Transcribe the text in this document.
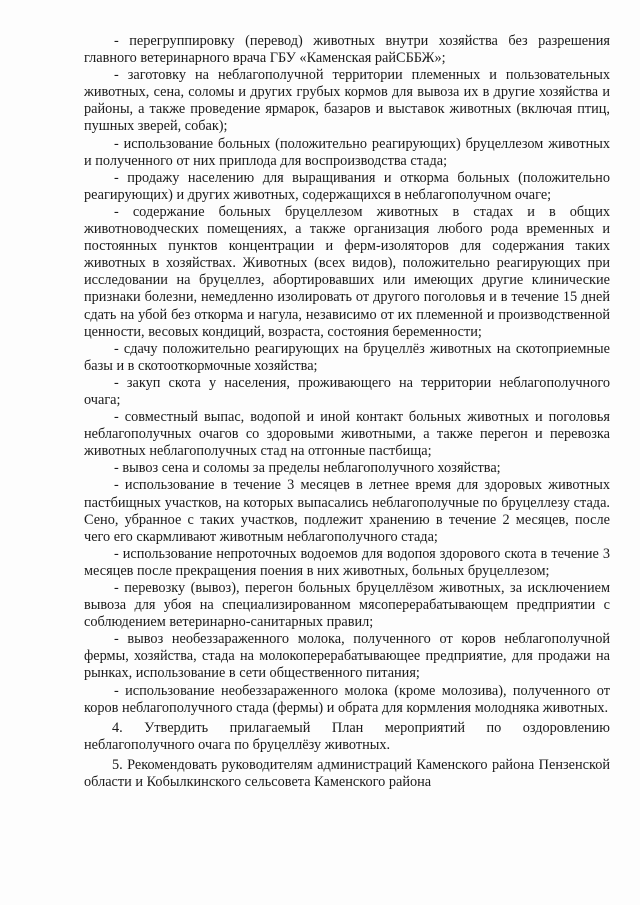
- перегруппировку (перевод) животных внутри хозяйства без разрешения главного ветеринарного врача ГБУ «Каменская райСББЖ»;

- заготовку на неблагополучной территории племенных и пользовательных животных, сена, соломы и других грубых кормов для вывоза их в другие хозяйства и районы, а также проведение ярмарок, базаров и выставок животных (включая птиц, пушных зверей, собак);

- использование больных (положительно реагирующих) бруцеллезом животных и полученного от них приплода для воспроизводства стада;

- продажу населению для выращивания и откорма больных (положительно реагирующих) и других животных, содержащихся в неблагополучном очаге;

- содержание больных бруцеллезом животных в стадах и в общих животноводческих помещениях, а также организация любого рода временных и постоянных пунктов концентрации и ферм-изоляторов для содержания таких животных в хозяйствах. Животных (всех видов), положительно реагирующих при исследовании на бруцеллез, абортировавших или имеющих другие клинические признаки болезни, немедленно изолировать от другого поголовья и в течение 15 дней сдать на убой без откорма и нагула, независимо от их племенной и производственной ценности, весовых кондиций, возраста, состояния беременности;

- сдачу положительно реагирующих на бруцеллёз животных на скотоприемные базы и в скотооткормочные хозяйства;

- закуп скота у населения, проживающего на территории неблагополучного очага;

- совместный выпас, водопой и иной контакт больных животных и поголовья неблагополучных очагов со здоровыми животными, а также перегон и перевозка животных неблагополучных стад на отгонные пастбища;

- вывоз сена и соломы за пределы неблагополучного хозяйства;

- использование в течение 3 месяцев в летнее время для здоровых животных пастбищных участков, на которых выпасались неблагополучные по бруцеллезу стада. Сено, убранное с таких участков, подлежит хранению в течение 2 месяцев, после чего его скармливают животным неблагополучного стада;

- использование непроточных водоемов для водопоя здорового скота в течение 3 месяцев после прекращения поения в них животных, больных бруцеллезом;

- перевозку (вывоз), перегон больных бруцеллёзом животных, за исключением вывоза для убоя на специализированном мясоперерабатывающем предприятии с соблюдением ветеринарно-санитарных правил;

- вывоз необеззараженного молока, полученного от коров неблагополучной фермы, хозяйства, стада на молокоперерабатывающее предприятие, для продажи на рынках, использование в сети общественного питания;

- использование необеззараженного молока (кроме молозива), полученного от коров неблагополучного стада (фермы) и обрата для кормления молодняка животных.

4. Утвердить прилагаемый План мероприятий по оздоровлению неблагополучного очага по бруцеллёзу животных.

5. Рекомендовать руководителям администраций Каменского района Пензенской области и Кобылкинского сельсовета Каменского района
